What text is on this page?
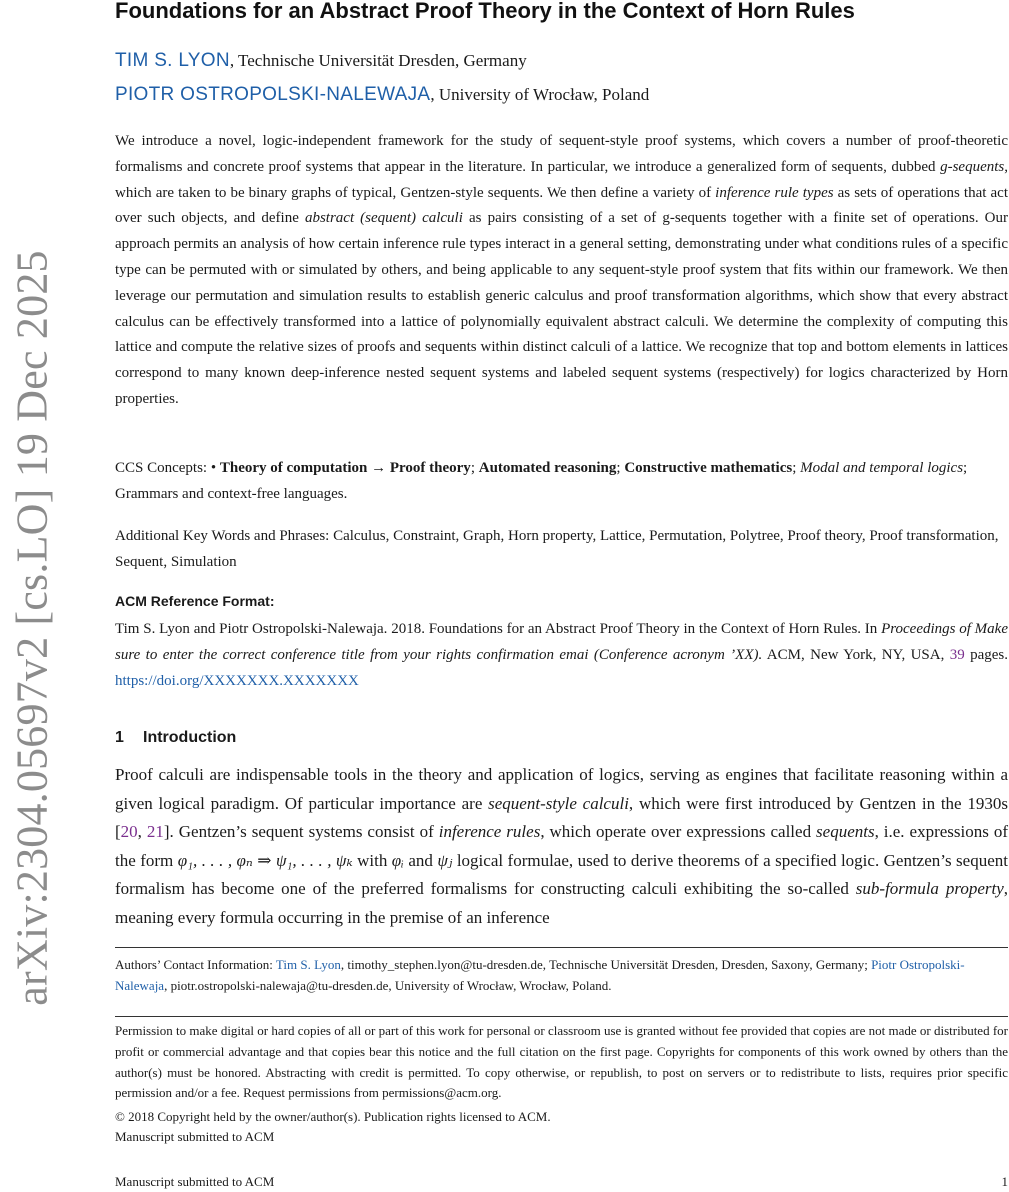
arXiv:2304.05697v2 [cs.LO] 19 Dec 2025
Foundations for an Abstract Proof Theory in the Context of Horn Rules
TIM S. LYON, Technische Universität Dresden, Germany
PIOTR OSTROPOLSKI-NALEWAJA, University of Wrocław, Poland
We introduce a novel, logic-independent framework for the study of sequent-style proof systems, which covers a number of proof-theoretic formalisms and concrete proof systems that appear in the literature. In particular, we introduce a generalized form of sequents, dubbed g-sequents, which are taken to be binary graphs of typical, Gentzen-style sequents. We then define a variety of inference rule types as sets of operations that act over such objects, and define abstract (sequent) calculi as pairs consisting of a set of g-sequents together with a finite set of operations. Our approach permits an analysis of how certain inference rule types interact in a general setting, demonstrating under what conditions rules of a specific type can be permuted with or simulated by others, and being applicable to any sequent-style proof system that fits within our framework. We then leverage our permutation and simulation results to establish generic calculus and proof transformation algorithms, which show that every abstract calculus can be effectively transformed into a lattice of polynomially equivalent abstract calculi. We determine the complexity of computing this lattice and compute the relative sizes of proofs and sequents within distinct calculi of a lattice. We recognize that top and bottom elements in lattices correspond to many known deep-inference nested sequent systems and labeled sequent systems (respectively) for logics characterized by Horn properties.
CCS Concepts: • Theory of computation → Proof theory; Automated reasoning; Constructive mathematics; Modal and temporal logics; Grammars and context-free languages.
Additional Key Words and Phrases: Calculus, Constraint, Graph, Horn property, Lattice, Permutation, Polytree, Proof theory, Proof transformation, Sequent, Simulation
ACM Reference Format:
Tim S. Lyon and Piotr Ostropolski-Nalewaja. 2018. Foundations for an Abstract Proof Theory in the Context of Horn Rules. In Proceedings of Make sure to enter the correct conference title from your rights confirmation emai (Conference acronym ’XX). ACM, New York, NY, USA, 39 pages. https://doi.org/XXXXXXX.XXXXXXX
1 Introduction
Proof calculi are indispensable tools in the theory and application of logics, serving as engines that facilitate reasoning within a given logical paradigm. Of particular importance are sequent-style calculi, which were first introduced by Gentzen in the 1930s [20, 21]. Gentzen’s sequent systems consist of inference rules, which operate over expressions called sequents, i.e. expressions of the form φ₁, . . . , φₙ ⇒ ψ₁, . . . , ψₖ with φᵢ and ψⱼ logical formulae, used to derive theorems of a specified logic. Gentzen’s sequent formalism has become one of the preferred formalisms for constructing calculi exhibiting the so-called sub-formula property, meaning every formula occurring in the premise of an inference
Authors’ Contact Information: Tim S. Lyon, timothy_stephen.lyon@tu-dresden.de, Technische Universität Dresden, Dresden, Saxony, Germany; Piotr Ostropolski-Nalewaja, piotr.ostropolski-nalewaja@tu-dresden.de, University of Wrocław, Wrocław, Poland.
Permission to make digital or hard copies of all or part of this work for personal or classroom use is granted without fee provided that copies are not made or distributed for profit or commercial advantage and that copies bear this notice and the full citation on the first page. Copyrights for components of this work owned by others than the author(s) must be honored. Abstracting with credit is permitted. To copy otherwise, or republish, to post on servers or to redistribute to lists, requires prior specific permission and/or a fee. Request permissions from permissions@acm.org.
© 2018 Copyright held by the owner/author(s). Publication rights licensed to ACM.
Manuscript submitted to ACM
Manuscript submitted to ACM	1
